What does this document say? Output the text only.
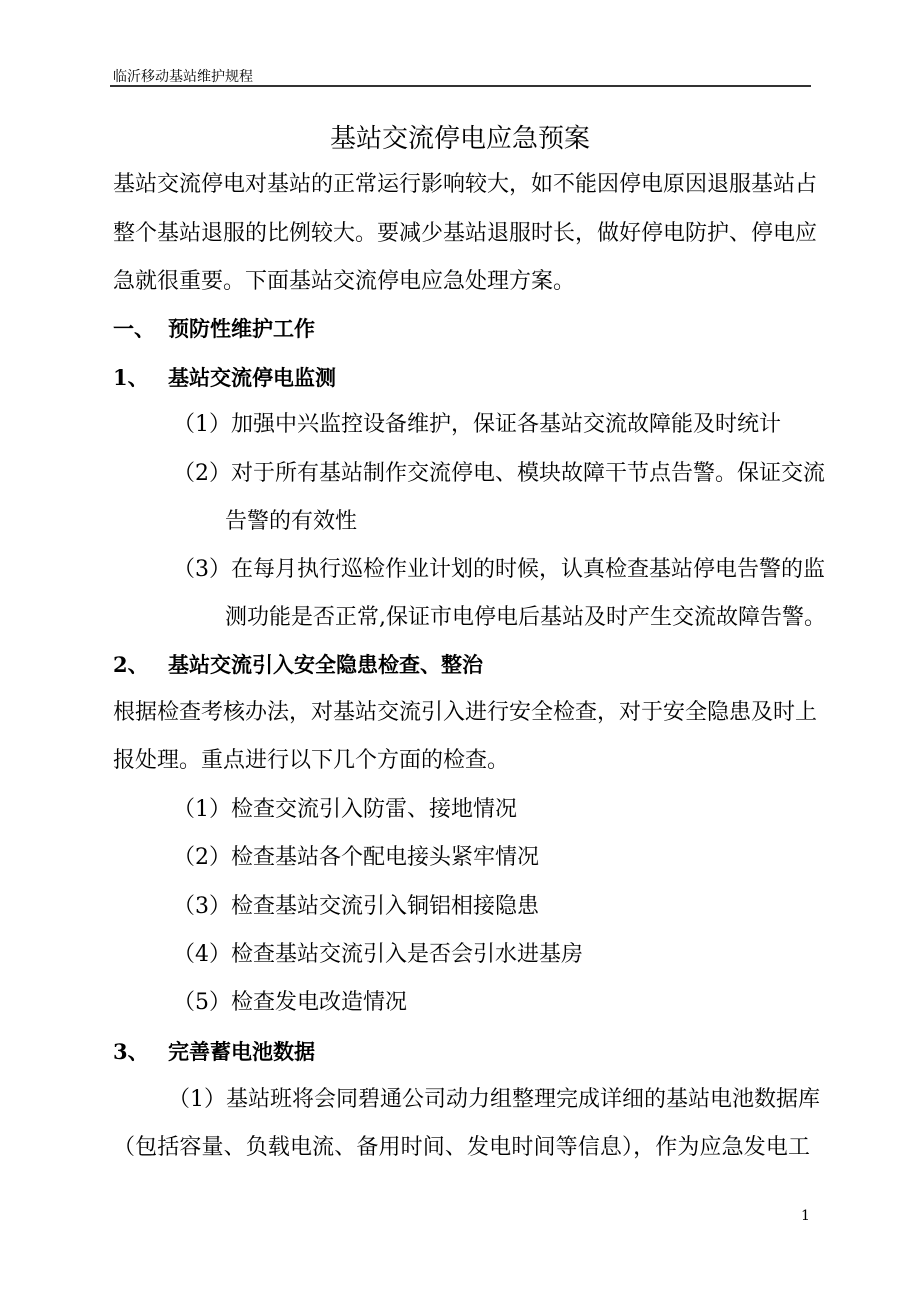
临沂移动基站维护规程
基站交流停电应急预案
基站交流停电对基站的正常运行影响较大，如不能因停电原因退服基站占
整个基站退服的比例较大。要减少基站退服时长，做好停电防护、停电应
急就很重要。下面基站交流停电应急处理方案。
一、 预防性维护工作
1、 基站交流停电监测
（1）加强中兴监控设备维护，保证各基站交流故障能及时统计
（2）对于所有基站制作交流停电、模块故障干节点告警。保证交流
告警的有效性
（3）在每月执行巡检作业计划的时候，认真检查基站停电告警的监
测功能是否正常,保证市电停电后基站及时产生交流故障告警。
2、 基站交流引入安全隐患检查、整治
根据检查考核办法，对基站交流引入进行安全检查，对于安全隐患及时上
报处理。重点进行以下几个方面的检查。
（1）检查交流引入防雷、接地情况
（2）检查基站各个配电接头紧牢情况
（3）检查基站交流引入铜铝相接隐患
（4）检查基站交流引入是否会引水进基房
（5）检查发电改造情况
3、 完善蓄电池数据
（1）基站班将会同碧通公司动力组整理完成详细的基站电池数据库
（包括容量、负载电流、备用时间、发电时间等信息），作为应急发电工
1
